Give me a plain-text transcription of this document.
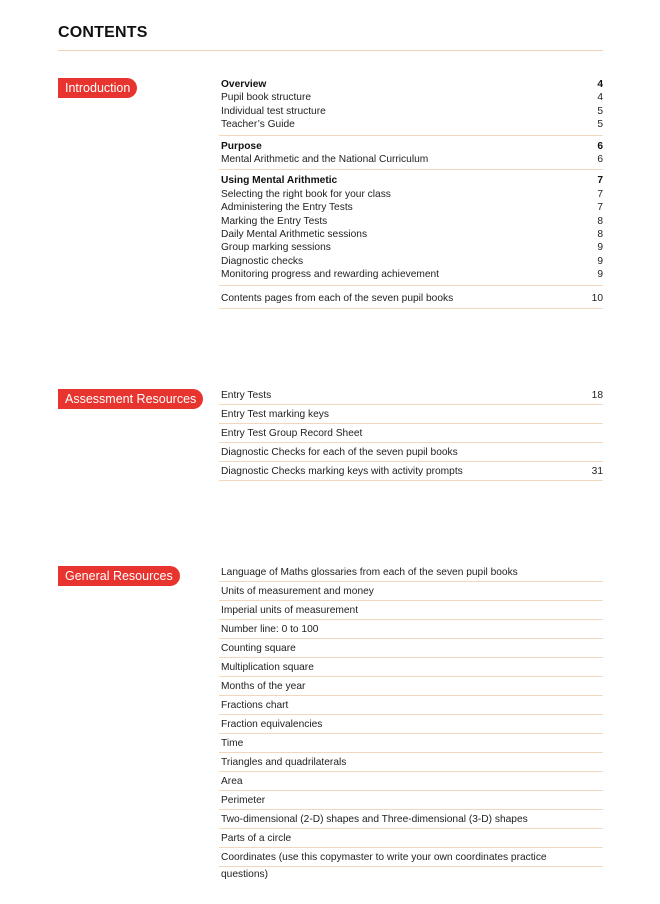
CONTENTS
Introduction	Overview	4
Pupil book structure	4
Individual test structure	5
Teacher’s Guide	5
Purpose	6
Mental Arithmetic and the National Curriculum	6
Using Mental Arithmetic	7
Selecting the right book for your class	7
Administering the Entry Tests	7
Marking the Entry Tests	8
Daily Mental Arithmetic sessions	8
Group marking sessions	9
Diagnostic checks	9
Monitoring progress and rewarding achievement	9
Contents pages from each of the seven pupil books	10
Assessment Resources	Entry Tests	18
Entry Test marking keys
Entry Test Group Record Sheet
Diagnostic Checks for each of the seven pupil books
Diagnostic Checks marking keys with activity prompts	31
General Resources	Language of Maths glossaries from each of the seven pupil books
Units of measurement and money
Imperial units of measurement
Number line: 0 to 100
Counting square
Multiplication square
Months of the year
Fractions chart
Fraction equivalencies
Time
Triangles and quadrilaterals
Area
Perimeter
Two-dimensional (2-D) shapes and Three-dimensional (3-D) shapes
Parts of a circle
Coordinates (use this copymaster to write your own coordinates practice questions)
